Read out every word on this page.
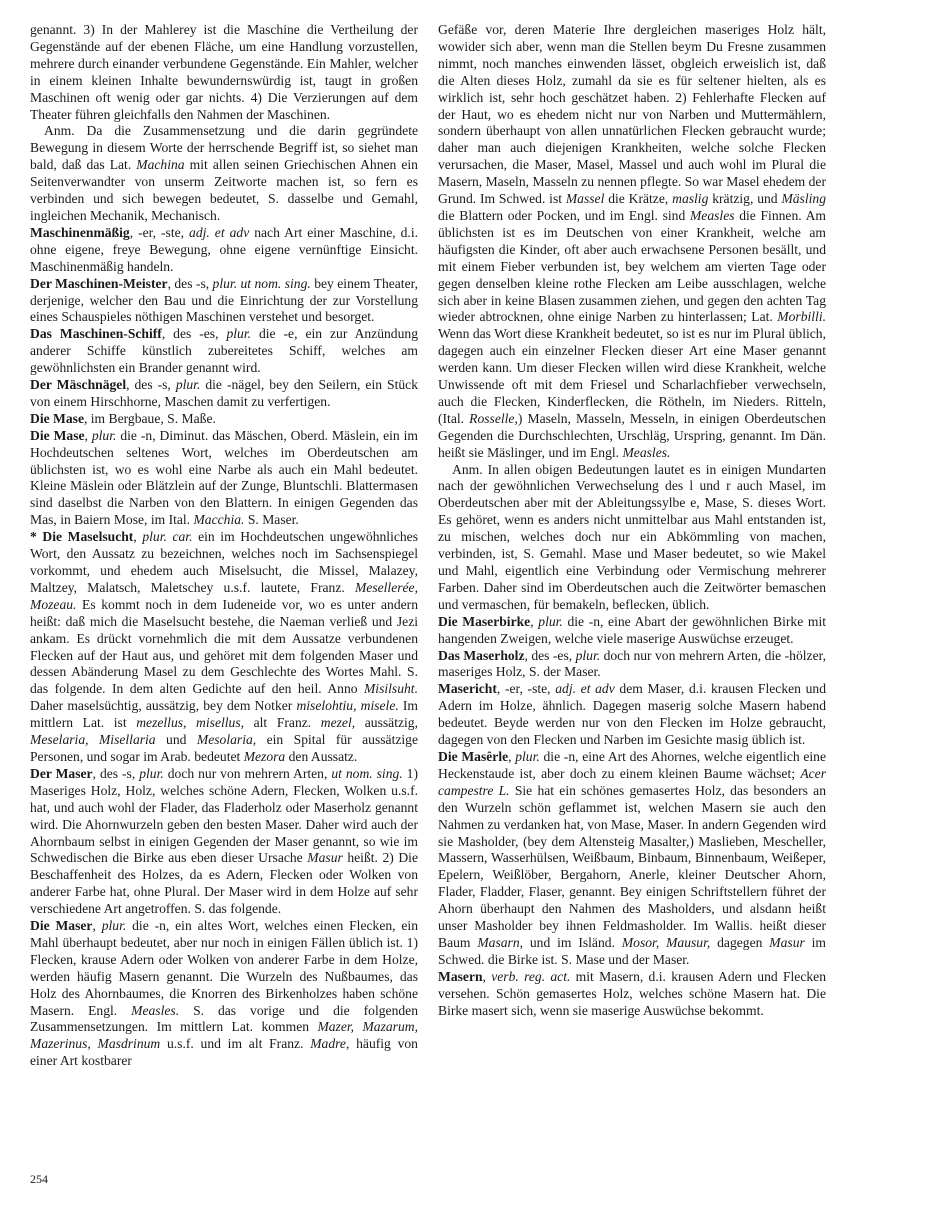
genannt. 3) In der Mahlerey ist die Maschine die Vertheilung der Gegenstände auf der ebenen Fläche, um eine Handlung vorzustellen, mehrere durch einander verbundene Gegenstände. Ein Mahler, welcher in einem kleinen Inhalte bewundernswürdig ist, taugt in großen Maschinen oft wenig oder gar nichts. 4) Die Verzierungen auf dem Theater führen gleichfalls den Nahmen der Maschinen.

Anm. Da die Zusammensetzung und die darin gegründete Bewegung in diesem Worte der herrschende Begriff ist, so siehet man bald, daß das Lat. Machina mit allen seinen Griechischen Ahnen ein Seitenverwandter von unserm Zeitworte machen ist, so fern es verbinden und sich bewegen bedeutet, S. dasselbe und Gemahl, ingleichen Mechanik, Mechanisch.

Maschinenmäßig, -er, -ste, adj. et adv nach Art einer Maschine, d.i. ohne eigene, freye Bewegung, ohne eigene vernünftige Einsicht. Maschinenmäßig handeln.

Der Maschinen-Meister, des -s, plur. ut nom. sing. bey einem Theater, derjenige, welcher den Bau und die Einrichtung der zur Vorstellung eines Schauspieles nöthigen Maschinen verstehet und besorget.

Das Maschinen-Schiff, des -es, plur. die -e, ein zur Anzündung anderer Schiffe künstlich zubereitetes Schiff, welches am gewöhnlichsten ein Brander genannt wird.

Der Mäschnägel, des -s, plur. die -nägel, bey den Seilern, ein Stück von einem Hirschhorne, Maschen damit zu verfertigen.

Die Mase, im Bergbaue, S. Maße.

Die Mase, plur. die -n, Diminut. das Mäschen, Oberd. Mäslein, ein im Hochdeutschen seltenes Wort, welches im Oberdeutschen am üblichsten ist, wo es wohl eine Narbe als auch ein Mahl bedeutet. Kleine Mäslein oder Blätzlein auf der Zunge, Bluntschli. Blattermasen sind daselbst die Narben von den Blattern. In einigen Gegenden das Mas, in Baiern Mose, im Ital. Macchia. S. Maser.

* Die Maselsucht, plur. car. ein im Hochdeutschen ungewöhnliches Wort, den Aussatz zu bezeichnen, welches noch im Sachsenspiegel vorkommt, und ehedem auch Miselsucht, die Missel, Malazey, Maltzey, Malatsch, Maletschey u.s.f. lautete, Franz. Mesellerée, Mozeau. Es kommt noch in dem Iudeneide vor, wo es unter andern heißt: daß mich die Maselsucht bestehe, die Naeman verließ und Jezi ankam. Es drückt vornehmlich die mit dem Aussatze verbundenen Flecken auf der Haut aus, und gehöret mit dem folgenden Maser und dessen Abänderung Masel zu dem Geschlechte des Wortes Mahl. S. das folgende. In dem alten Gedichte auf den heil. Anno Misilsuht. Daher maselsüchtig, aussätzig, bey dem Notker miselohtiu, misele. Im mittlern Lat. ist mezellus, misellus, alt Franz. mezel, aussätzig, Meselaria, Misellaria und Mesolaria, ein Spital für aussätzige Personen, und sogar im Arab. bedeutet Mezora den Aussatz.

Der Maser, des -s, plur. doch nur von mehrern Arten, ut nom. sing. 1) Maseriges Holz, Holz, welches schöne Adern, Flecken, Wolken u.s.f. hat, und auch wohl der Flader, das Fladerholz oder Maserholz genannt wird. Die Ahornwurzeln geben den besten Maser. Daher wird auch der Ahornbaum selbst in einigen Gegenden der Maser genannt, so wie im Schwedischen die Birke aus eben dieser Ursache Masur heißt. 2) Die Beschaffenheit des Holzes, da es Adern, Flecken oder Wolken von anderer Farbe hat, ohne Plural. Der Maser wird in dem Holze auf sehr verschiedene Art angetroffen. S. das folgende.

Die Maser, plur. die -n, ein altes Wort, welches einen Flecken, ein Mahl überhaupt bedeutet, aber nur noch in einigen Fällen üblich ist. 1) Flecken, krause Adern oder Wolken von anderer Farbe in dem Holze, werden häufig Masern genannt. Die Wurzeln des Nußbaumes, das Holz des Ahornbaumes, die Knorren des Birkenholzes haben schöne Masern. Engl. Measles. S. das vorige und die folgenden Zusammensetzungen. Im mittlern Lat. kommen Mazer, Mazarum, Mazerinus, Masdrinum u.s.f. und im alt Franz. Madre, häufig von einer Art kostbarer

Gefäße vor, deren Materie Ihre dergleichen maseriges Holz hält, wowider sich aber, wenn man die Stellen beym Du Fresne zusammen nimmt, noch manches einwenden lässet, obgleich erweislich ist, daß die Alten dieses Holz, zumahl da sie es für seltener hielten, als es wirklich ist, sehr hoch geschätzet haben. 2) Fehlerhafte Flecken auf der Haut, wo es ehedem nicht nur von Narben und Muttermählern, sondern überhaupt von allen unnatürlichen Flecken gebraucht wurde; daher man auch diejenigen Krankheiten, welche solche Flecken verursachen, die Maser, Masel, Massel und auch wohl im Plural die Masern, Maseln, Masseln zu nennen pflegte. So war Masel ehedem der Grund. Im Schwed. ist Massel die Krätze, maslig krätzig, und Mäsling die Blattern oder Pocken, und im Engl. sind Measles die Finnen. Am üblichsten ist es im Deutschen von einer Krankheit, welche am häufigsten die Kinder, oft aber auch erwachsene Personen besällt, und mit einem Fieber verbunden ist, bey welchem am vierten Tage oder gegen denselben kleine rothe Flecken am Leibe ausschlagen, welche sich aber in keine Blasen zusammen ziehen, und gegen den achten Tag wieder abtrocknen, ohne einige Narben zu hinterlassen; Lat. Morbilli. Wenn das Wort diese Krankheit bedeutet, so ist es nur im Plural üblich, dagegen auch ein einzelner Flecken dieser Art eine Maser genannt werden kann. Um dieser Flecken willen wird diese Krankheit, welche Unwissende oft mit dem Friesel und Scharlachfieber verwechseln, auch die Flecken, Kinderflecken, die Rötheln, im Nieders. Ritteln, (Ital. Rosselle,) Maseln, Masseln, Messeln, in einigen Oberdeutschen Gegenden die Durchschlechten, Urschläg, Urspring, genannt. Im Dän. heißt sie Mäslinger, und im Engl. Measles.

Anm. In allen obigen Bedeutungen lautet es in einigen Mundarten nach der gewöhnlichen Verwechselung des l und r auch Masel, im Oberdeutschen aber mit der Ableitungssylbe e, Mase, S. dieses Wort. Es gehöret, wenn es anders nicht unmittelbar aus Mahl entstanden ist, zu mischen, welches doch nur ein Abkömmling von machen, verbinden, ist, S. Gemahl. Mase und Maser bedeutet, so wie Makel und Mahl, eigentlich eine Verbindung oder Vermischung mehrerer Farben. Daher sind im Oberdeutschen auch die Zeitwörter bemaschen und vermaschen, für bemakeln, beflecken, üblich.

Die Maserbirke, plur. die -n, eine Abart der gewöhnlichen Birke mit hangenden Zweigen, welche viele maserige Auswüchse erzeuget.

Das Maserholz, des -es, plur. doch nur von mehrern Arten, die -hölzer, maseriges Holz, S. der Maser.

Masericht, -er, -ste, adj. et adv dem Maser, d.i. krausen Flecken und Adern im Holze, ähnlich. Dagegen maserig solche Masern habend bedeutet. Beyde werden nur von den Flecken im Holze gebraucht, dagegen von den Flecken und Narben im Gesichte masig üblich ist.

Die Masêrle, plur. die -n, eine Art des Ahornes, welche eigentlich eine Heckenstaude ist, aber doch zu einem kleinen Baume wächset; Acer campestre L. Sie hat ein schönes gemasertes Holz, das besonders an den Wurzeln schön geflammet ist, welchen Masern sie auch den Nahmen zu verdanken hat, von Mase, Maser. In andern Gegenden wird sie Masholder, (bey dem Altensteig Masalter,) Maslieben, Mescheller, Massern, Wasserhülsen, Weißbaum, Binbaum, Binnenbaum, Weißeper, Epelern, Weißlöber, Bergahorn, Anerle, kleiner Deutscher Ahorn, Flader, Fladder, Flaser, genannt. Bey einigen Schriftstellern führet der Ahorn überhaupt den Nahmen des Masholders, und alsdann heißt unser Masholder bey ihnen Feldmasholder. Im Wallis. heißt dieser Baum Masarn, und im Isländ. Mosor, Mausur, dagegen Masur im Schwed. die Birke ist. S. Mase und der Maser.

Masern, verb. reg. act. mit Masern, d.i. krausen Adern und Flecken versehen. Schön gemasertes Holz, welches schöne Masern hat. Die Birke masert sich, wenn sie maserige Auswüchse bekommt.

254
